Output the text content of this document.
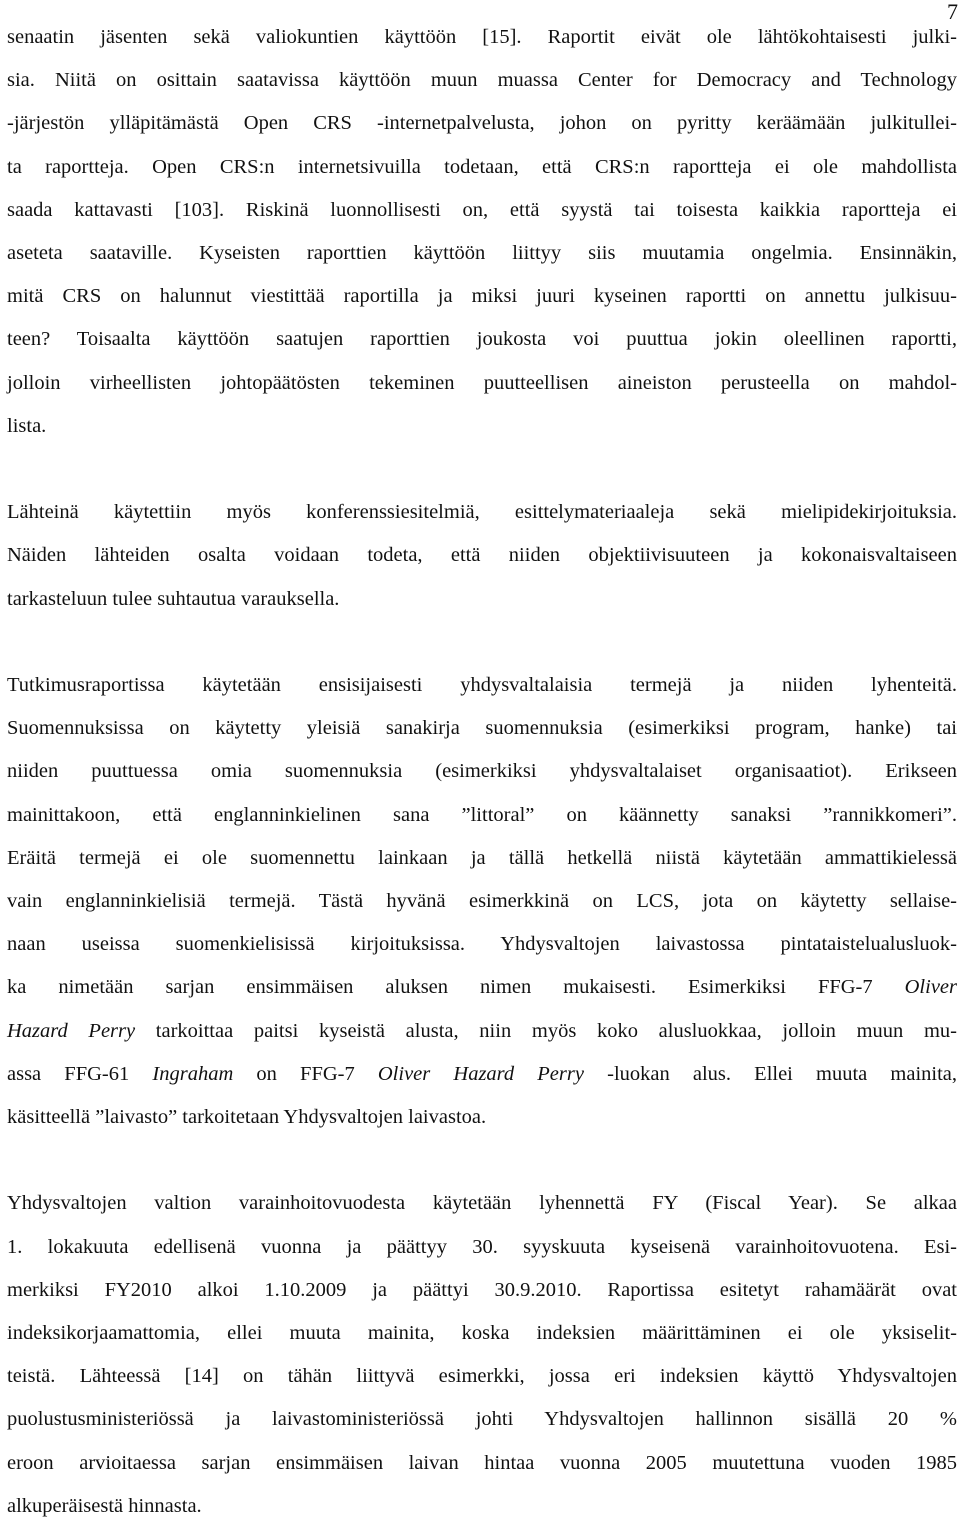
7

senaatin jäsenten sekä valiokuntien käyttöön [15]. Raportit eivät ole lähtökohtaisesti julki-
sia. Niitä on osittain saatavissa käyttöön muun muassa Center for Democracy and Technology
-järjestön ylläpitämästä Open CRS -internetpalvelusta, johon on pyritty keräämään julkitullei-
ta raportteja. Open CRS:n internetsivuilla todetaan, että CRS:n raportteja ei ole mahdollista
saada kattavasti [103]. Riskinä luonnollisesti on, että syystä tai toisesta kaikkia raportteja ei
aseteta saataville. Kyseisten raporttien käyttöön liittyy siis muutamia ongelmia. Ensinnäkin,
mitä CRS on halunnut viestittää raportilla ja miksi juuri kyseinen raportti on annettu julkisuu-
teen? Toisaalta käyttöön saatujen raporttien joukosta voi puuttua jokin oleellinen raportti,
jolloin virheellisten johtopäätösten tekeminen puutteellisen aineiston perusteella on mahdol-
lista.

Lähteinä käytettiin myös konferenssiesitelmiä, esittelymateriaaleja sekä mielipidekirjoituksia.
Näiden lähteiden osalta voidaan todeta, että niiden objektiivisuuteen ja kokonaisvaltaiseen
tarkasteluun tulee suhtautua varauksella.

Tutkimusraportissa käytetään ensisijaisesti yhdysvaltalaisia termejä ja niiden lyhenteitä.
Suomennuksissa on käytetty yleisiä sanakirja suomennuksia (esimerkiksi program, hanke) tai
niiden puuttuessa omia suomennuksia (esimerkiksi yhdysvaltalaiset organisaatiot). Erikseen
mainittakoon, että englanninkielinen sana ”littoral” on käännetty sanaksi ”rannikkomeri”.
Eräitä termejä ei ole suomennettu lainkaan ja tällä hetkellä niistä käytetään ammattikielessä
vain englanninkielisiä termejä. Tästä hyvänä esimerkkinä on LCS, jota on käytetty sellaise-
naan useissa suomenkielisissä kirjoituksissa. Yhdysvaltojen laivastossa pintataistelualusluok-
ka nimetään sarjan ensimmäisen aluksen nimen mukaisesti. Esimerkiksi FFG-7 Oliver
Hazard Perry tarkoittaa paitsi kyseistä alusta, niin myös koko alusluokkaa, jolloin muun mu-
assa FFG-61 Ingraham on FFG-7 Oliver Hazard Perry -luokan alus. Ellei muuta mainita,
käsitteellä ”laivasto” tarkoitetaan Yhdysvaltojen laivastoa.

Yhdysvaltojen valtion varainhoitovuodesta käytetään lyhennettä FY (Fiscal Year). Se alkaa
1. lokakuuta edellisenä vuonna ja päättyy 30. syyskuuta kyseisenä varainhoitovuotena. Esi-
merkiksi FY2010 alkoi 1.10.2009 ja päättyi 30.9.2010. Raportissa esitetyt rahamäärät ovat
indeksikorjaamattomia, ellei muuta mainita, koska indeksien määrittäminen ei ole yksiselit-
teistä. Lähteessä [14] on tähän liittyvä esimerkki, jossa eri indeksien käyttö Yhdysvaltojen
puolustusministeriössä ja laivastoministeriössä johti Yhdysvaltojen hallinnon sisällä 20 %
eroon arvioitaessa sarjan ensimmäisen laivan hintaa vuonna 2005 muutettuna vuoden 1985
alkuperäisestä hinnasta.
